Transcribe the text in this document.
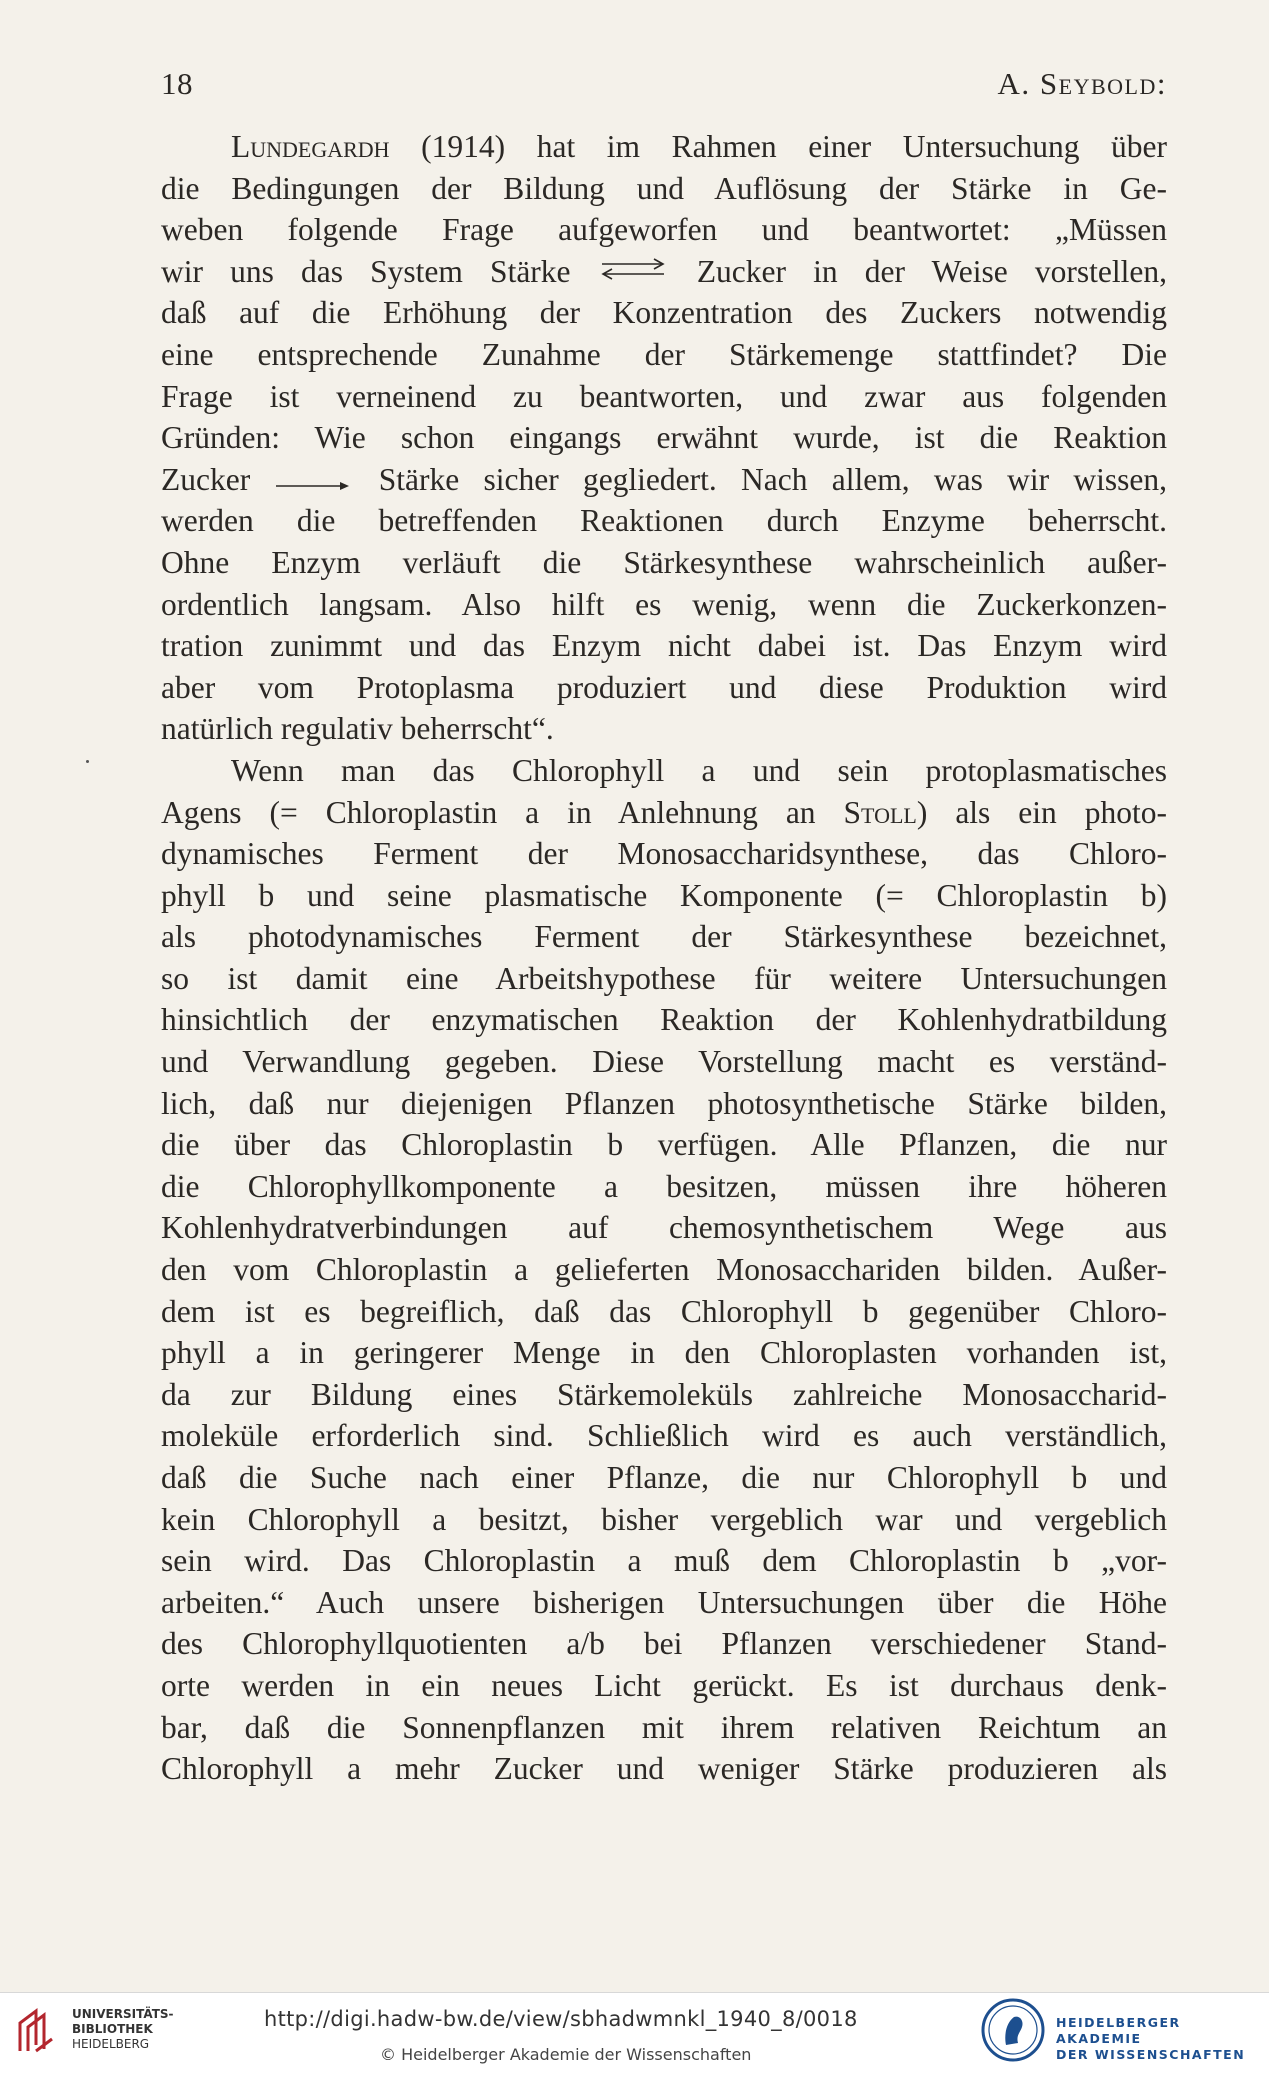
18	A. Seybold:
Lundegardh (1914) hat im Rahmen einer Untersuchung über
die Bedingungen der Bildung und Auflösung der Stärke in Ge-
weben folgende Frage aufgeworfen und beantwortet: „Müssen
wir uns das System Stärke	Zucker in der Weise vorstellen,
daß auf die Erhöhung der Konzentration des Zuckers notwendig
eine entsprechende Zunahme der Stärkemenge stattfindet? Die
Frage ist verneinend zu beantworten, und zwar aus folgenden
Gründen: Wie schon eingangs erwähnt wurde, ist die Reaktion
Zucker → Stärke sicher gegliedert. Nach allem, was wir wissen,
werden die betreffenden Reaktionen durch Enzyme beherrscht.
Ohne Enzym verläuft die Stärkesynthese wahrscheinlich außer-
ordentlich langsam. Also hilft es wenig, wenn die Zuckerkonzen-
tration zunimmt und das Enzym nicht dabei ist. Das Enzym wird
aber vom Protoplasma produziert und diese Produktion wird
natürlich regulativ beherrscht“.
Wenn man das Chlorophyll a und sein protoplasmatisches
Agens (= Chloroplastin a in Anlehnung an Stoll) als ein photo-
dynamisches Ferment der Monosaccharidsynthese, das Chloro-
phyll b und seine plasmatische Komponente (= Chloroplastin b)
als photodynamisches Ferment der Stärkesynthese bezeichnet,
so ist damit eine Arbeitshypothese für weitere Untersuchungen
hinsichtlich der enzymatischen Reaktion der Kohlenhydratbildung
und Verwandlung gegeben. Diese Vorstellung macht es verständ-
lich, daß nur diejenigen Pflanzen photosynthetische Stärke bilden,
die über das Chloroplastin b verfügen. Alle Pflanzen, die nur
die Chlorophyllkomponente a besitzen, müssen ihre höheren
Kohlenhydratverbindungen auf chemosynthetischem Wege aus
den vom Chloroplastin a gelieferten Monosacchariden bilden. Außer-
dem ist es begreiflich, daß das Chlorophyll b gegenüber Chloro-
phyll a in geringerer Menge in den Chloroplasten vorhanden ist,
da zur Bildung eines Stärkemoleküls zahlreiche Monosaccharid-
moleküle erforderlich sind. Schließlich wird es auch verständlich,
daß die Suche nach einer Pflanze, die nur Chlorophyll b und
kein Chlorophyll a besitzt, bisher vergeblich war und vergeblich
sein wird. Das Chloroplastin a muß dem Chloroplastin b „vor-
arbeiten.“ Auch unsere bisherigen Untersuchungen über die Höhe
des Chlorophyllquotienten a/b bei Pflanzen verschiedener Stand-
orte werden in ein neues Licht gerückt. Es ist durchaus denk-
bar, daß die Sonnenpflanzen mit ihrem relativen Reichtum an
Chlorophyll a mehr Zucker und weniger Stärke produzieren als
UNIVERSITÄTS-
BIBLIOTHEK
HEIDELBERG
http://digi.hadw-bw.de/view/sbhadwmnkl_1940_8/0018
© Heidelberger Akademie der Wissenschaften
HEIDELBERGER AKADEMIE
DER WISSENSCHAFTEN
